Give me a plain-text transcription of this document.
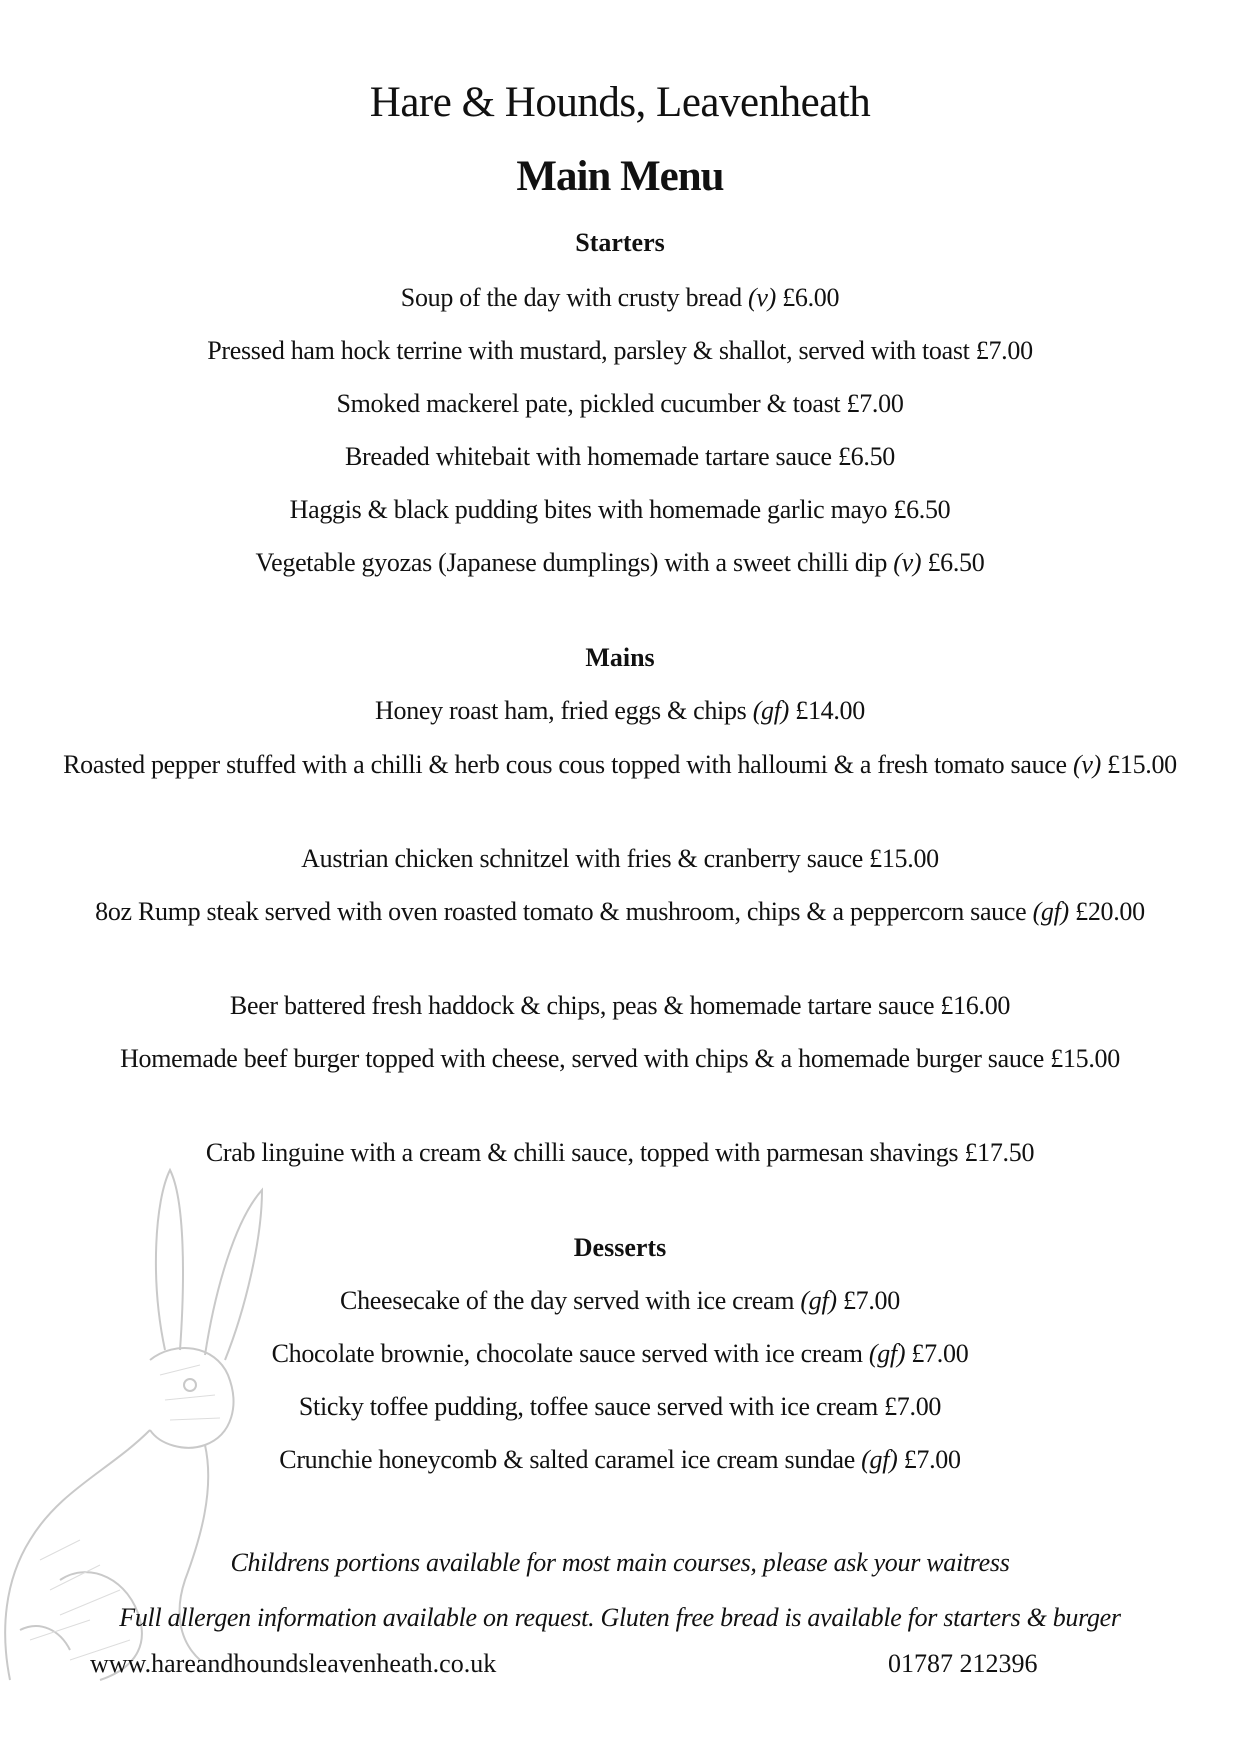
Hare & Hounds, Leavenheath
Main Menu
Starters
Soup of the day with crusty bread (v) £6.00
Pressed ham hock terrine with mustard, parsley & shallot, served with toast £7.00
Smoked mackerel pate, pickled cucumber & toast £7.00
Breaded whitebait with homemade tartare sauce £6.50
Haggis & black pudding bites with homemade garlic mayo £6.50
Vegetable gyozas (Japanese dumplings) with a sweet chilli dip (v) £6.50
Mains
Honey roast ham, fried eggs & chips (gf) £14.00
Roasted pepper stuffed with a chilli & herb cous cous topped with halloumi & a fresh tomato sauce (v) £15.00
Austrian chicken schnitzel with fries & cranberry sauce £15.00
8oz Rump steak served with oven roasted tomato & mushroom, chips & a peppercorn sauce (gf) £20.00
Beer battered fresh haddock & chips, peas & homemade tartare sauce £16.00
Homemade beef burger topped with cheese, served with chips & a homemade burger sauce £15.00
Crab linguine with a cream & chilli sauce, topped with parmesan shavings £17.50
Desserts
Cheesecake of the day served with ice cream (gf) £7.00
Chocolate brownie, chocolate sauce served with ice cream (gf) £7.00
Sticky toffee pudding, toffee sauce served with ice cream £7.00
Crunchie honeycomb & salted caramel ice cream sundae (gf) £7.00
Childrens portions available for most main courses, please ask your waitress
Full allergen information available on request. Gluten free bread is available for starters & burger
www.hareandhoundsleavenheath.co.uk	01787 212396
